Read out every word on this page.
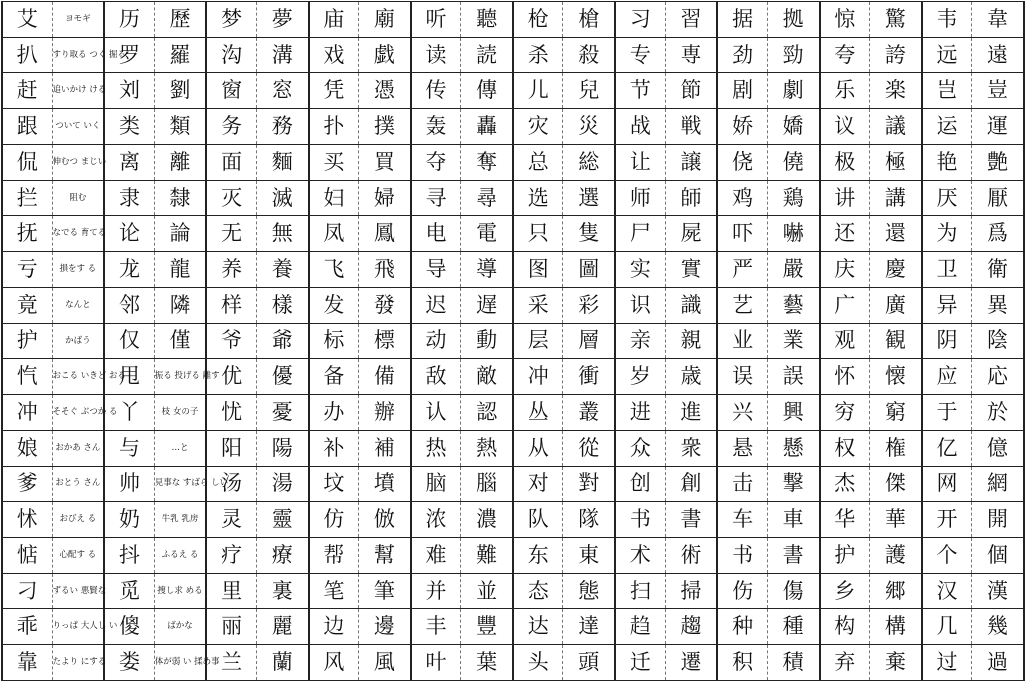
艾	ヨモギ	历	歷	梦	夢	庙	廟	听	聽	枪	槍	习	習	据	拠	惊	驚	韦	韋
扒	すり取る つく 掘る	罗	羅	沟	溝	戏	戯	读	読	杀	殺	专	専	劲	勁	夸	誇	远	遠
赶	追いかけ ける	刘	劉	窗	窓	凭	憑	传	傳	儿	兒	节	節	剧	劇	乐	楽	岂	豈
跟	ついて いく	类	類	务	務	扑	撲	轰	轟	灾	災	战	戦	娇	嬌	议	議	运	運
侃	伸むつ まじい	离	離	面	麵	买	買	夺	奪	总	総	让	譲	侥	僥	极	極	艳	艶
拦	阻む	隶	隸	灭	滅	妇	婦	寻	尋	选	選	师	師	鸡	鶏	讲	講	厌	厭
抚	なでる 育てる	论	論	无	無	凤	鳳	电	電	只	隻	尸	屍	吓	嚇	还	還	为	爲
亏	損をす る	龙	龍	养	養	飞	飛	导	導	图	圖	实	實	严	嚴	庆	慶	卫	衛
竟	なんと	邻	隣	样	樣	发	發	迟	遅	采	彩	识	識	艺	藝	广	廣	异	異
护	かばう	仅	僅	爷	爺	标	標	动	動	层	層	亲	親	业	業	观	観	阴	陰
忾	おこる いきど おる	甩	振る 投げる 離す	优	優	备	備	敌	敵	冲	衝	岁	歳	误	誤	怀	懐	应	応
冲	そそぐ ぶつか る	丫	枝 女の子	忧	憂	办	辦	认	認	丛	叢	进	進	兴	興	穷	窮	于	於
娘	おかあ さん	与	…と	阳	陽	补	補	热	熱	从	從	众	衆	悬	懸	权	権	亿	億
爹	おとう さん	帅	見事な すばら しい	汤	湯	坟	墳	脑	腦	对	對	创	創	击	撃	杰	傑	网	網
怵	おびえ る	奶	牛乳 乳房	灵	靈	仿	倣	浓	濃	队	隊	书	書	车	車	华	華	开	開
惦	心配す る	抖	ふるえ る	疗	療	帮	幫	难	難	东	東	术	術	书	書	护	護	个	個
刁	ずるい 悪賢な	觅	捜し求 める	里	裏	笔	筆	并	並	态	態	扫	掃	伤	傷	乡	郷	汉	漢
乖	りっぱ 大人し い	傻	ばかな	丽	麗	边	邊	丰	豐	达	達	趋	趨	种	種	构	構	几	幾
靠	たより にする	娄	体が弱 い 揉め事	兰	蘭	风	風	叶	葉	头	頭	迁	遷	积	積	弃	棄	过	過
